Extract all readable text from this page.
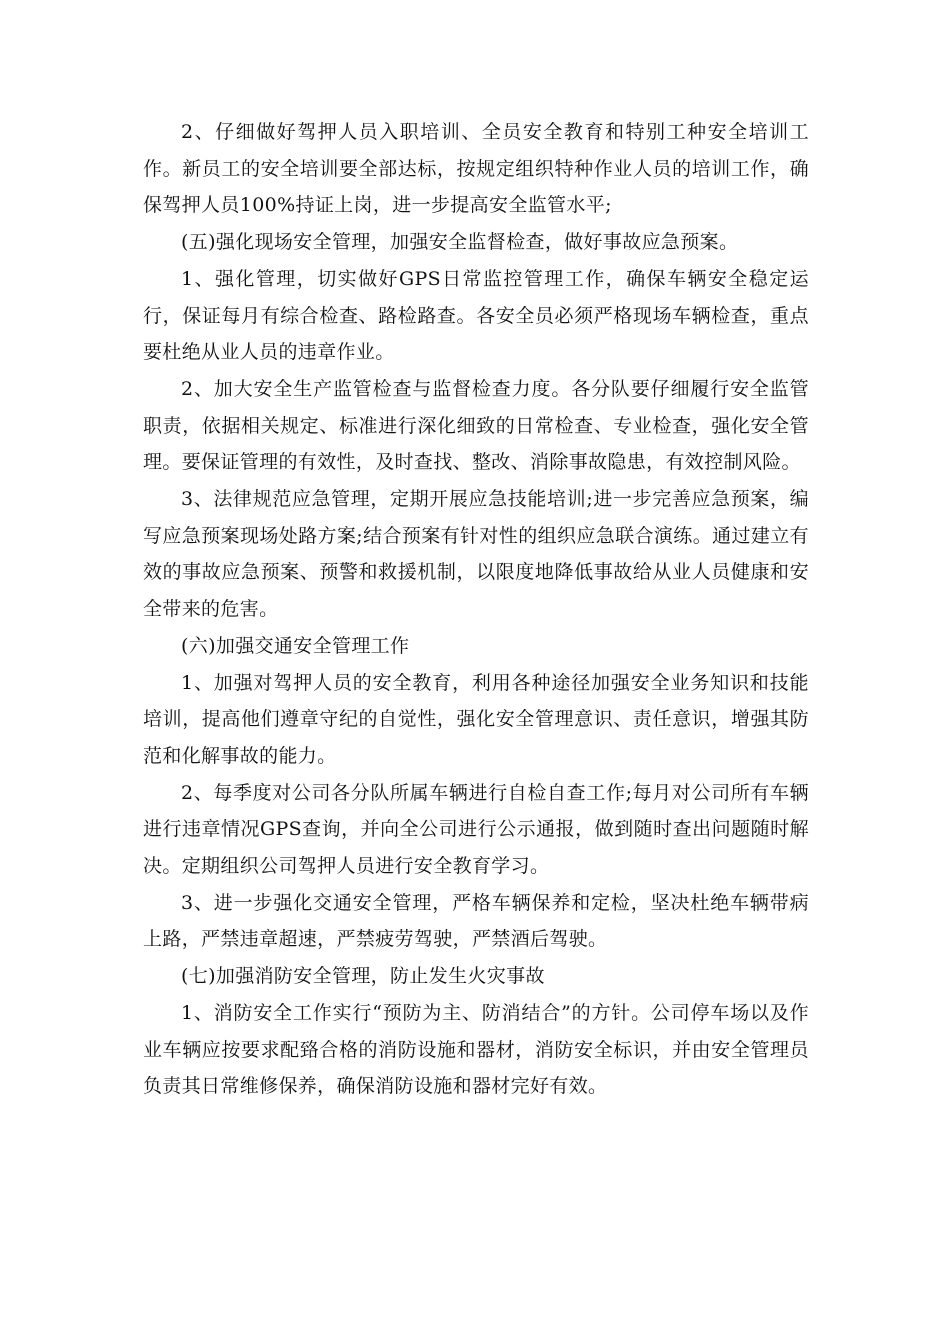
2、仔细做好驾押人员入职培训、全员安全教育和特别工种安全培训工作。新员工的安全培训要全部达标，按规定组织特种作业人员的培训工作，确保驾押人员100%持证上岗，进一步提高安全监管水平;

(五)强化现场安全管理，加强安全监督检查，做好事故应急预案。

1、强化管理，切实做好GPS日常监控管理工作，确保车辆安全稳定运行，保证每月有综合检查、路检路查。各安全员必须严格现场车辆检查，重点要杜绝从业人员的违章作业。

2、加大安全生产监管检查与监督检查力度。各分队要仔细履行安全监管职责，依据相关规定、标准进行深化细致的日常检查、专业检查，强化安全管理。要保证管理的有效性，及时查找、整改、消除事故隐患，有效控制风险。

3、法律规范应急管理，定期开展应急技能培训;进一步完善应急预案，编写应急预案现场处路方案;结合预案有针对性的组织应急联合演练。通过建立有效的事故应急预案、预警和救援机制，以限度地降低事故给从业人员健康和安全带来的危害。

(六)加强交通安全管理工作

1、加强对驾押人员的安全教育，利用各种途径加强安全业务知识和技能培训，提高他们遵章守纪的自觉性，强化安全管理意识、责任意识，增强其防范和化解事故的能力。

2、每季度对公司各分队所属车辆进行自检自查工作;每月对公司所有车辆进行违章情况GPS查询，并向全公司进行公示通报，做到随时查出问题随时解决。定期组织公司驾押人员进行安全教育学习。

3、进一步强化交通安全管理，严格车辆保养和定检，坚决杜绝车辆带病上路，严禁违章超速，严禁疲劳驾驶，严禁酒后驾驶。

(七)加强消防安全管理，防止发生火灾事故

1、消防安全工作实行“预防为主、防消结合”的方针。公司停车场以及作业车辆应按要求配臵合格的消防设施和器材，消防安全标识，并由安全管理员负责其日常维修保养，确保消防设施和器材完好有效。
